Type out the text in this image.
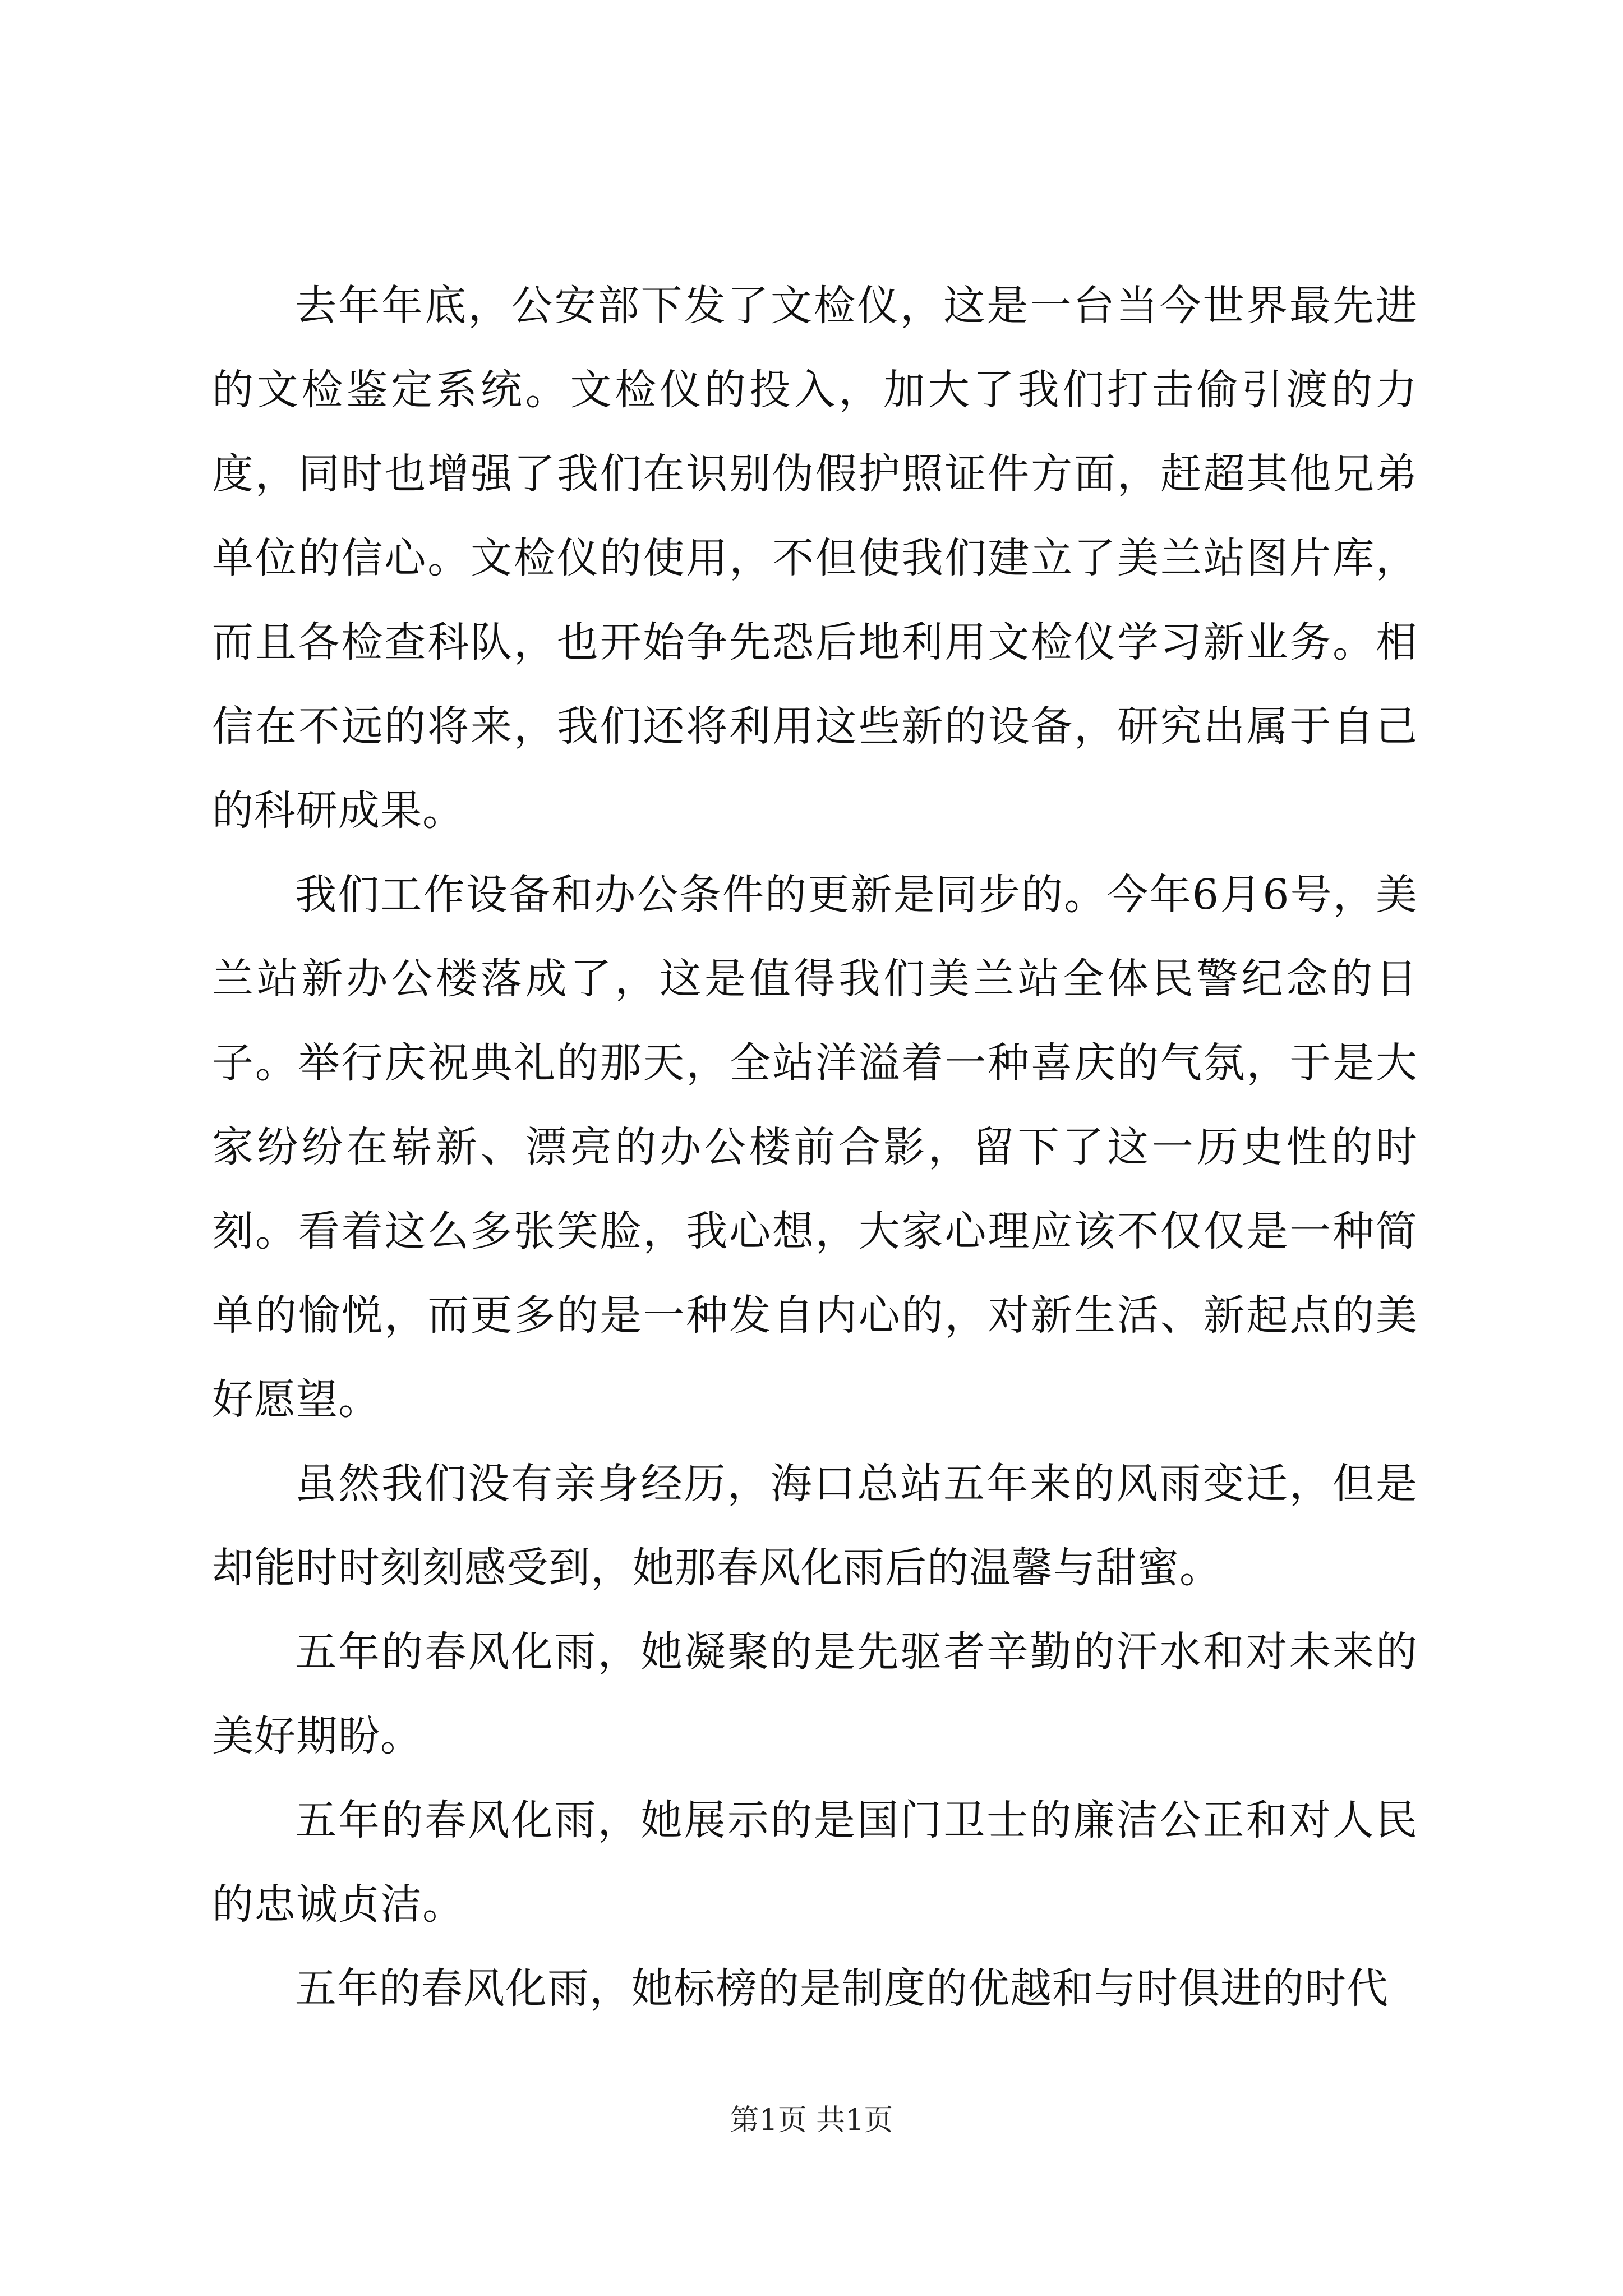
去年年底，公安部下发了文检仪，这是一台当今世界最先进的文检鉴定系统。文检仪的投入，加大了我们打击偷引渡的力度，同时也增强了我们在识别伪假护照证件方面，赶超其他兄弟单位的信心。文检仪的使用，不但使我们建立了美兰站图片库，而且各检查科队，也开始争先恐后地利用文检仪学习新业务。相信在不远的将来，我们还将利用这些新的设备，研究出属于自己的科研成果。

我们工作设备和办公条件的更新是同步的。今年6月6号，美兰站新办公楼落成了，这是值得我们美兰站全体民警纪念的日子。举行庆祝典礼的那天，全站洋溢着一种喜庆的气氛，于是大家纷纷在崭新、漂亮的办公楼前合影，留下了这一历史性的时刻。看着这么多张笑脸，我心想，大家心理应该不仅仅是一种简单的愉悦，而更多的是一种发自内心的，对新生活、新起点的美好愿望。

虽然我们没有亲身经历，海口总站五年来的风雨变迁，但是却能时时刻刻感受到，她那春风化雨后的温馨与甜蜜。

五年的春风化雨，她凝聚的是先驱者辛勤的汗水和对未来的美好期盼。

五年的春风化雨，她展示的是国门卫士的廉洁公正和对人民的忠诚贞洁。

五年的春风化雨，她标榜的是制度的优越和与时俱进的时代

第1页 共1页
